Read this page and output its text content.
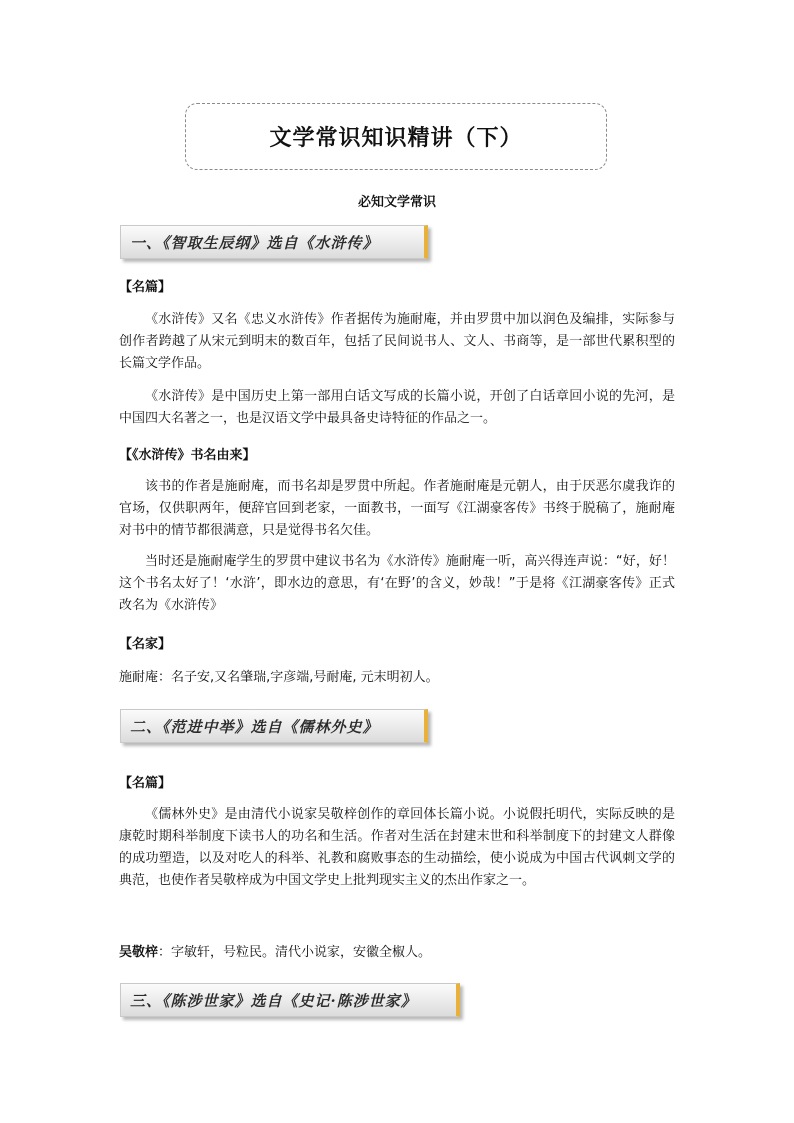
文学常识知识精讲（下）
必知文学常识
一、《智取生辰纲》选自《水浒传》
【名篇】

《水浒传》又名《忠义水浒传》作者据传为施耐庵，并由罗贯中加以润色及编排，实际参与创作者跨越了从宋元到明末的数百年，包括了民间说书人、文人、书商等，是一部世代累积型的长篇文学作品。

《水浒传》是中国历史上第一部用白话文写成的长篇小说，开创了白话章回小说的先河，是中国四大名著之一，也是汉语文学中最具备史诗特征的作品之一。

【《水浒传》书名由来】

该书的作者是施耐庵，而书名却是罗贯中所起。作者施耐庵是元朝人，由于厌恶尔虞我诈的官场，仅供职两年，便辞官回到老家，一面教书，一面写《江湖豪客传》书终于脱稿了，施耐庵对书中的情节都很满意，只是觉得书名欠佳。

当时还是施耐庵学生的罗贯中建议书名为《水浒传》施耐庵一听，高兴得连声说：“好，好！这个书名太好了！‘水浒’，即水边的意思，有‘在野’的含义，妙哉！”于是将《江湖豪客传》正式改名为《水浒传》

【名家】
施耐庵：名子安,又名肇瑞,字彦端,号耐庵, 元末明初人。
二、《范进中举》选自《儒林外史》
【名篇】

《儒林外史》是由清代小说家吴敬梓创作的章回体长篇小说。小说假托明代，实际反映的是康乾时期科举制度下读书人的功名和生活。作者对生活在封建末世和科举制度下的封建文人群像的成功塑造，以及对吃人的科举、礼教和腐败事态的生动描绘，使小说成为中国古代讽刺文学的典范，也使作者吴敬梓成为中国文学史上批判现实主义的杰出作家之一。

吴敬梓：字敏轩，号粒民。清代小说家，安徽全椒人。
三、《陈涉世家》选自《史记·陈涉世家》
